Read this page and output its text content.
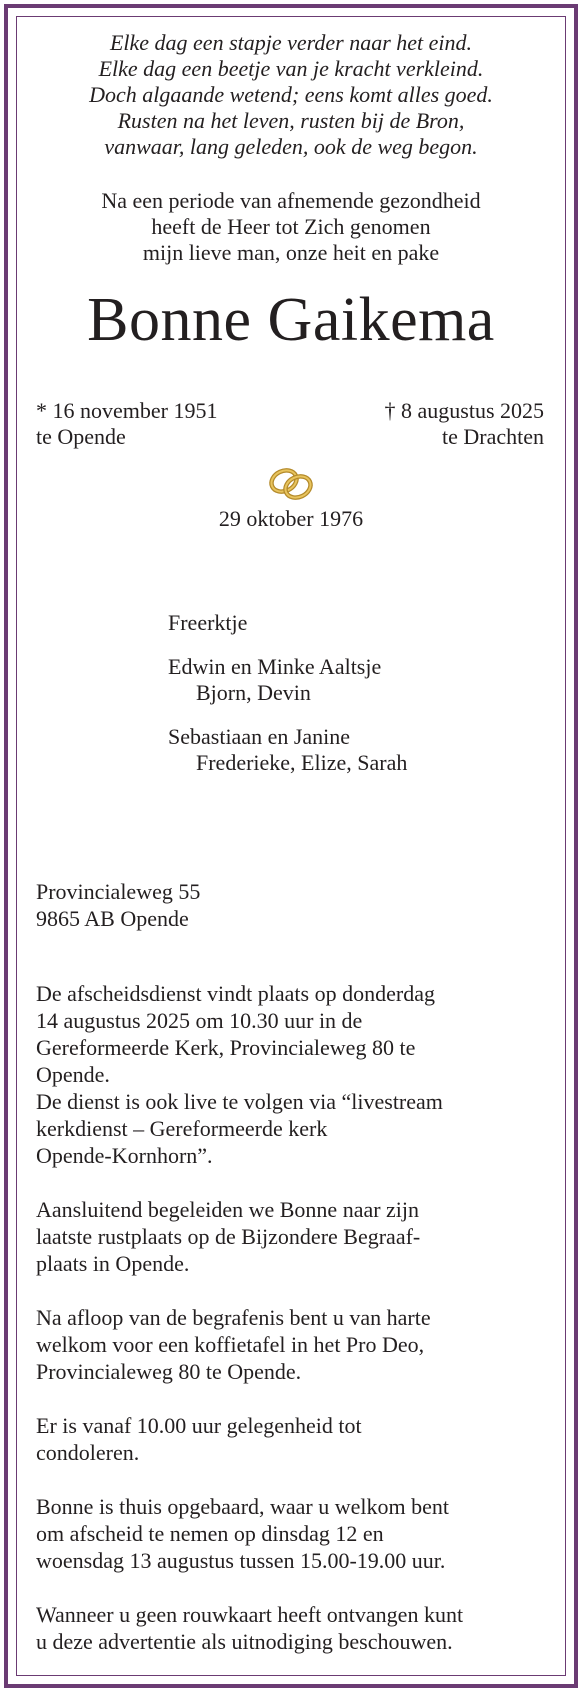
Elke dag een stapje verder naar het eind.
Elke dag een beetje van je kracht verkleind.
Doch algaande wetend; eens komt alles goed.
Rusten na het leven, rusten bij de Bron,
vanwaar, lang geleden, ook de weg begon.
Na een periode van afnemende gezondheid
heeft de Heer tot Zich genomen
mijn lieve man, onze heit en pake
Bonne Gaikema
* 16 november 1951
te Opende
† 8 augustus 2025
te Drachten
29 oktober 1976
Freerktje
Edwin en Minke Aaltsje
Bjorn, Devin
Sebastiaan en Janine
Frederieke, Elize, Sarah
Provincialeweg 55
9865 AB Opende

De afscheidsdienst vindt plaats op donderdag
14 augustus 2025 om 10.30 uur in de
Gereformeerde Kerk, Provincialeweg 80 te
Opende.
De dienst is ook live te volgen via “livestream
kerkdienst – Gereformeerde kerk
Opende-Kornhorn”.

Aansluitend begeleiden we Bonne naar zijn
laatste rustplaats op de Bijzondere Begraaf-
plaats in Opende.

Na afloop van de begrafenis bent u van harte
welkom voor een koffietafel in het Pro Deo,
Provincialeweg 80 te Opende.

Er is vanaf 10.00 uur gelegenheid tot
condoleren.

Bonne is thuis opgebaard, waar u welkom bent
om afscheid te nemen op dinsdag 12 en
woensdag 13 augustus tussen 15.00-19.00 uur.

Wanneer u geen rouwkaart heeft ontvangen kunt
u deze advertentie als uitnodiging beschouwen.
